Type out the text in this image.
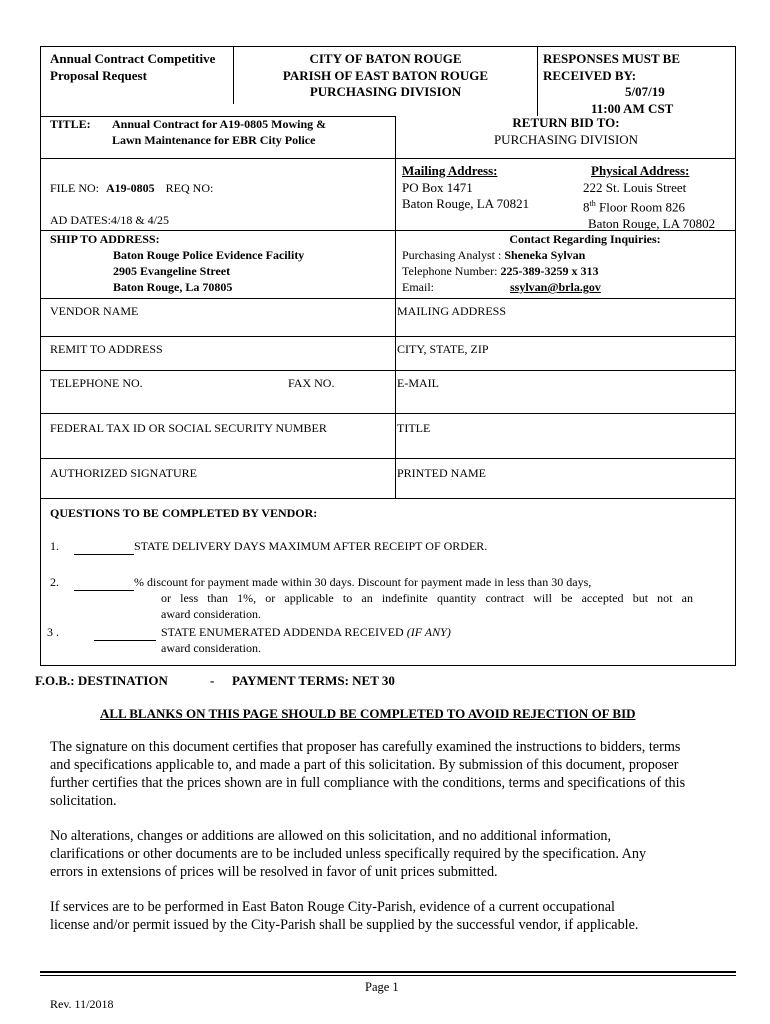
Annual Contract Competitive
Proposal Request
CITY OF BATON ROUGE
PARISH OF EAST BATON ROUGE
PURCHASING DIVISION
RESPONSES MUST BE
RECEIVED BY:
5/07/19
11:00 AM CST
TITLE: Annual Contract for A19-0805 Mowing &
Lawn Maintenance for EBR City Police
RETURN BID TO:
PURCHASING DIVISION
FILE NO: A19-0805 REQ NO:
AD DATES:4/18 & 4/25
Mailing Address:
PO Box 1471
Baton Rouge, LA 70821
Physical Address:
222 St. Louis Street
8th Floor Room 826
Baton Rouge, LA 70802
SHIP TO ADDRESS:
Baton Rouge Police Evidence Facility
2905 Evangeline Street
Baton Rouge, La 70805
Contact Regarding Inquiries:
Purchasing Analyst : Sheneka Sylvan
Telephone Number: 225-389-3259 x 313
Email:	ssylvan@brla.gov
VENDOR NAME	MAILING ADDRESS
REMIT TO ADDRESS	CITY, STATE, ZIP
TELEPHONE NO.	FAX NO.	E-MAIL
FEDERAL TAX ID OR SOCIAL SECURITY NUMBER	TITLE
AUTHORIZED SIGNATURE	PRINTED NAME
QUESTIONS TO BE COMPLETED BY VENDOR:
1.	STATE DELIVERY DAYS MAXIMUM AFTER RECEIPT OF ORDER.
2.	% discount for payment made within 30 days. Discount for payment made in less than 30 days,
or less than 1%, or applicable to an indefinite quantity contract will be accepted but not an
award consideration.
3 .	STATE ENUMERATED ADDENDA RECEIVED (IF ANY)
award consideration.
F.O.B.: DESTINATION	- PAYMENT TERMS: NET 30
ALL BLANKS ON THIS PAGE SHOULD BE COMPLETED TO AVOID REJECTION OF BID
The signature on this document certifies that proposer has carefully examined the instructions to bidders, terms
and specifications applicable to, and made a part of this solicitation. By submission of this document, proposer
further certifies that the prices shown are in full compliance with the conditions, terms and specifications of this
solicitation.
No alterations, changes or additions are allowed on this solicitation, and no additional information,
clarifications or other documents are to be included unless specifically required by the specification. Any
errors in extensions of prices will be resolved in favor of unit prices submitted.
If services are to be performed in East Baton Rouge City-Parish, evidence of a current occupational
license and/or permit issued by the City-Parish shall be supplied by the successful vendor, if applicable.
Page 1
Rev. 11/2018
